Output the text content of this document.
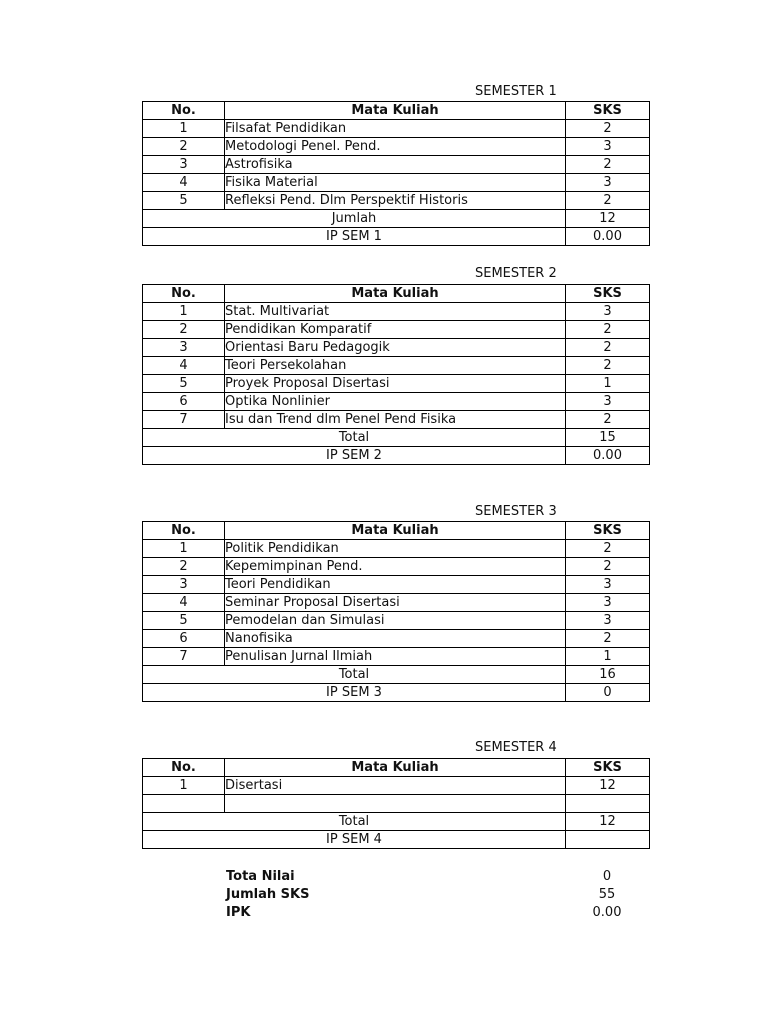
SEMESTER 1
No.	Mata Kuliah	SKS
1	Filsafat Pendidikan	2
2	Metodologi Penel. Pend.	3
3	Astrofisika	2
4	Fisika Material	3
5	Refleksi Pend. Dlm Perspektif Historis	2
Jumlah		12
IP SEM 1		0.00
SEMESTER 2
No.	Mata Kuliah	SKS
1	Stat. Multivariat	3
2	Pendidikan Komparatif	2
3	Orientasi Baru Pedagogik	2
4	Teori Persekolahan	2
5	Proyek Proposal Disertasi	1
6	Optika Nonlinier	3
7	Isu dan Trend dlm Penel Pend Fisika	2
Total		15
IP SEM 2		0.00
SEMESTER 3
No.	Mata Kuliah	SKS
1	Politik Pendidikan	2
2	Kepemimpinan Pend.	2
3	Teori Pendidikan	3
4	Seminar Proposal Disertasi	3
5	Pemodelan dan Simulasi	3
6	Nanofisika	2
7	Penulisan Jurnal Ilmiah	1
Total		16
IP SEM 3		0
SEMESTER 4
No.	Mata Kuliah	SKS
1	Disertasi	12

Total		12
IP SEM 4		
Tota Nilai	0
Jumlah SKS	55
IPK	0.00
